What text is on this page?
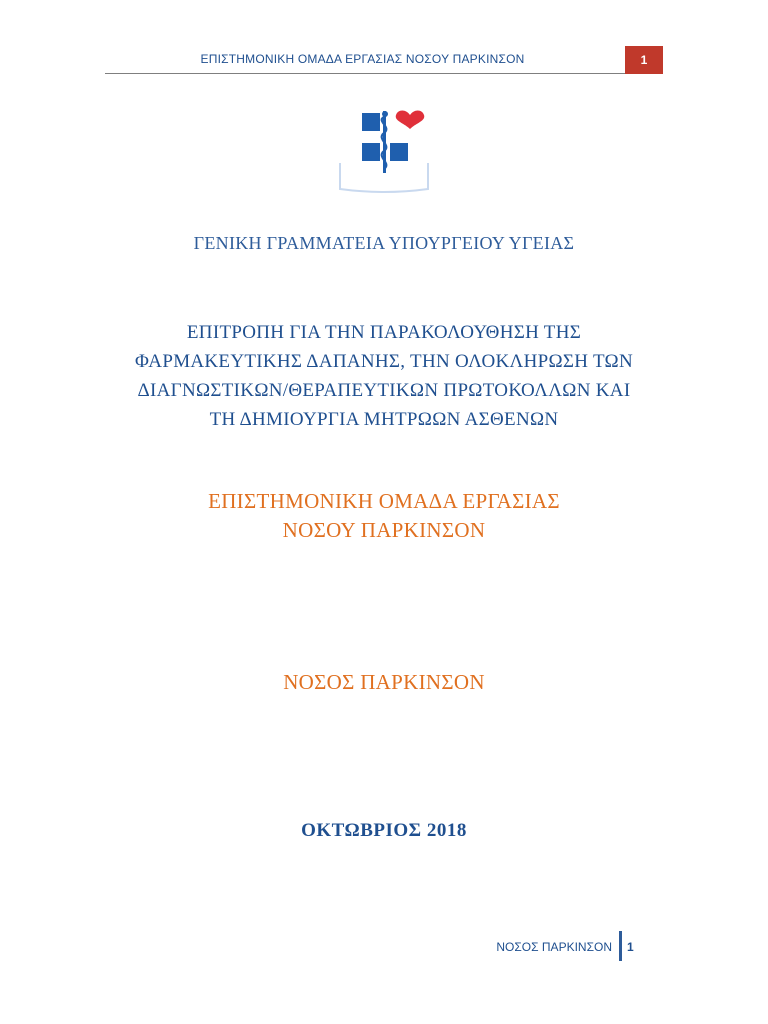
ΕΠΙΣΤΗΜΟΝΙΚΗ ΟΜΑΔΑ ΕΡΓΑΣΙΑΣ ΝΟΣΟΥ ΠΑΡΚΙΝΣΟΝ	1
ΓΕΝΙΚΗ ΓΡΑΜΜΑΤΕΙΑ ΥΠΟΥΡΓΕΙΟΥ ΥΓΕΙΑΣ
ΕΠΙΤΡΟΠΗ ΓΙΑ ΤΗΝ ΠΑΡΑΚΟΛΟΥΘΗΣΗ ΤΗΣ
ΦΑΡΜΑΚΕΥΤΙΚΗΣ ΔΑΠΑΝΗΣ, ΤΗΝ ΟΛΟΚΛΗΡΩΣΗ ΤΩΝ
ΔΙΑΓΝΩΣΤΙΚΩΝ/ΘΕΡΑΠΕΥΤΙΚΩΝ ΠΡΩΤΟΚΟΛΛΩΝ ΚΑΙ
ΤΗ ΔΗΜΙΟΥΡΓΙΑ ΜΗΤΡΩΩΝ ΑΣΘΕΝΩΝ
ΕΠΙΣΤΗΜΟΝΙΚΗ ΟΜΑΔΑ ΕΡΓΑΣΙΑΣ
ΝΟΣΟΥ ΠΑΡΚΙΝΣΟΝ
ΝΟΣΟΣ ΠΑΡΚΙΝΣΟΝ
ΟΚΤΩΒΡΙΟΣ 2018
ΝΟΣΟΣ ΠΑΡΚΙΝΣΟΝ 1
